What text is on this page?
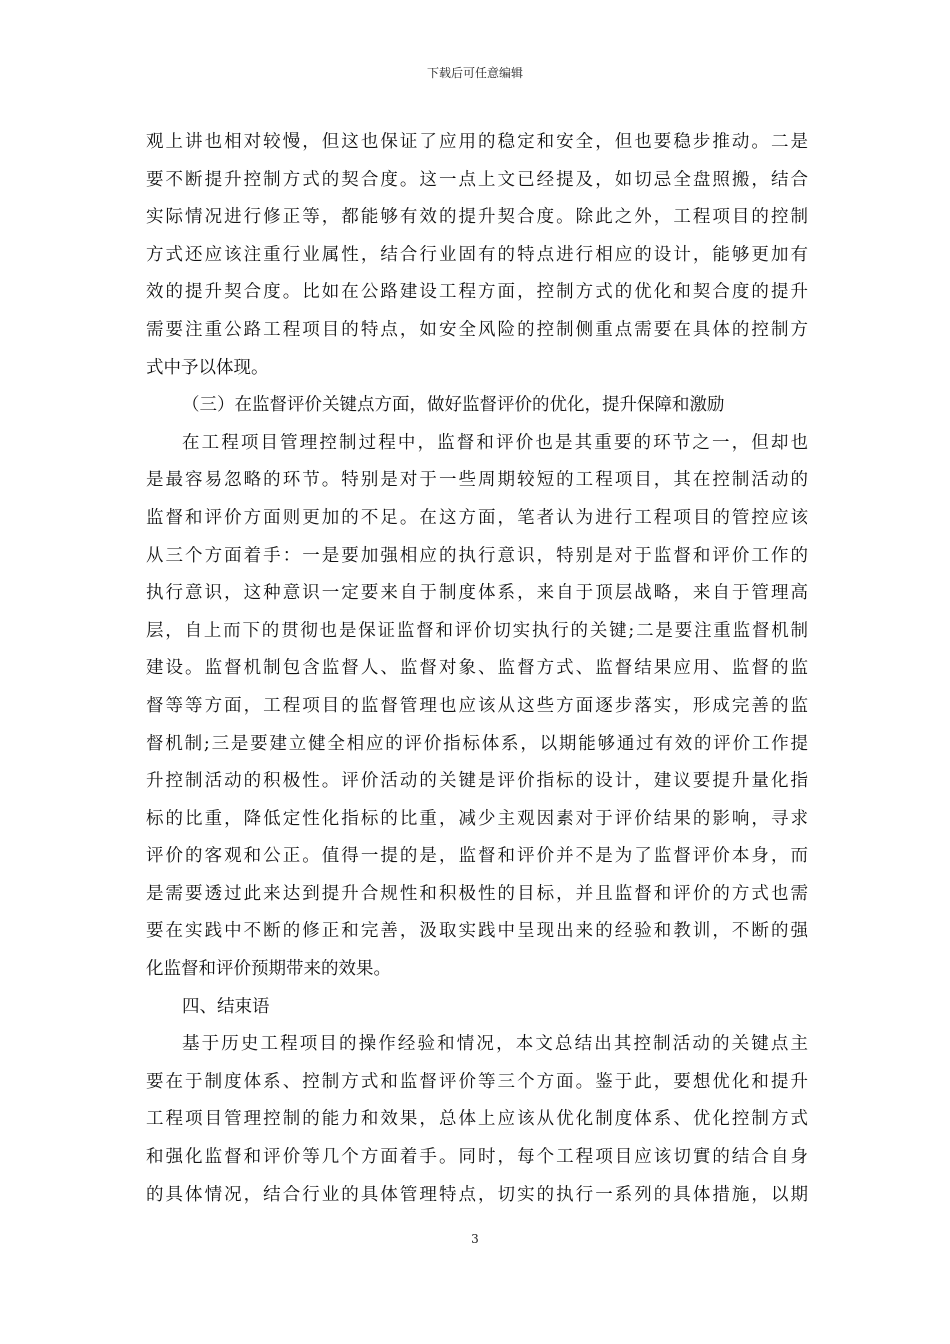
下载后可任意编辑
观上讲也相对较慢，但这也保证了应用的稳定和安全，但也要稳步推动。二是
要不断提升控制方式的契合度。这一点上文已经提及，如切忌全盘照搬，结合
实际情况进行修正等，都能够有效的提升契合度。除此之外，工程项目的控制
方式还应该注重行业属性，结合行业固有的特点进行相应的设计，能够更加有
效的提升契合度。比如在公路建设工程方面，控制方式的优化和契合度的提升
需要注重公路工程项目的特点，如安全风险的控制侧重点需要在具体的控制方
式中予以体现。
（三）在监督评价关键点方面，做好监督评价的优化，提升保障和激励
在工程项目管理控制过程中，监督和评价也是其重要的环节之一，但却也
是最容易忽略的环节。特别是对于一些周期较短的工程项目，其在控制活动的
监督和评价方面则更加的不足。在这方面，笔者认为进行工程项目的管控应该
从三个方面着手：一是要加强相应的执行意识，特别是对于监督和评价工作的
执行意识，这种意识一定要来自于制度体系，来自于顶层战略，来自于管理高
层，自上而下的贯彻也是保证监督和评价切实执行的关键;二是要注重监督机制
建设。监督机制包含监督人、监督对象、监督方式、监督结果应用、监督的监
督等等方面，工程项目的监督管理也应该从这些方面逐步落实，形成完善的监
督机制;三是要建立健全相应的评价指标体系，以期能够通过有效的评价工作提
升控制活动的积极性。评价活动的关键是评价指标的设计，建议要提升量化指
标的比重，降低定性化指标的比重，减少主观因素对于评价结果的影响，寻求
评价的客观和公正。值得一提的是，监督和评价并不是为了监督评价本身，而
是需要透过此来达到提升合规性和积极性的目标，并且监督和评价的方式也需
要在实践中不断的修正和完善，汲取实践中呈现出来的经验和教训，不断的强
化监督和评价预期带来的效果。
四、结束语
基于历史工程项目的操作经验和情况，本文总结出其控制活动的关键点主
要在于制度体系、控制方式和监督评价等三个方面。鉴于此，要想优化和提升
工程项目管理控制的能力和效果，总体上应该从优化制度体系、优化控制方式
和强化监督和评价等几个方面着手。同时，每个工程项目应该切實的结合自身
的具体情况，结合行业的具体管理特点，切实的执行一系列的具体措施，以期
3
